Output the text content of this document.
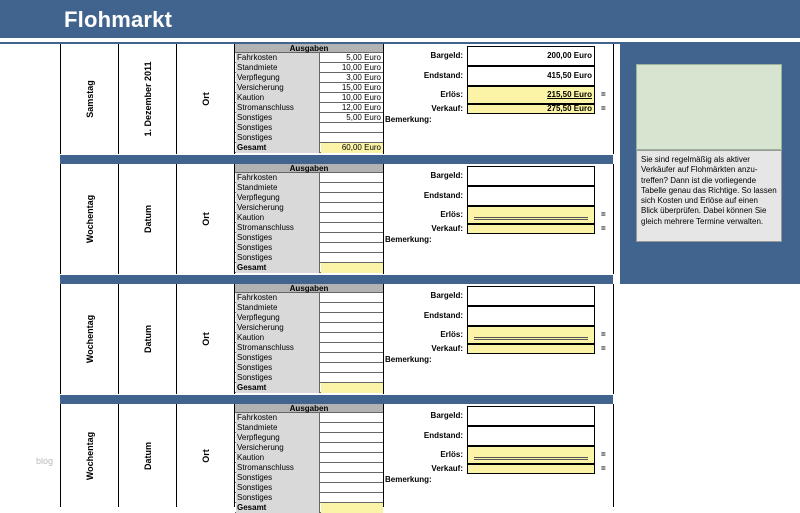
Flohmarkt
Sie sind regelmäßig als aktiver Verkäufer auf Flohmärkten anzu- treffen? Dann ist die vorliegende Tabelle genau das Richtige. So lassen sich Kosten und Erlöse auf einen Blick überprüfen. Dabei können Sie gleich mehrere Termine verwalten.
Samstag	1. Dezember 2011	Ort
Ausgaben
Fahrkosten	5,00 Euro
Standmiete	10,00 Euro
Verpflegung	3,00 Euro
Versicherung	15,00 Euro
Kaution	10,00 Euro
Stromanschluss	12,00 Euro
Sonstiges	5,00 Euro
Sonstiges
Sonstiges
Gesamt	60,00 Euro
Bargeld:	200,00 Euro
Endstand:	415,50 Euro
Erlös:	215,50 Euro	=
Verkauf:	275,50 Euro	=
Bemerkung:
Wochentag	Datum	Ort
Ausgaben
Fahrkosten
Standmiete
Verpflegung
Versicherung
Kaution
Stromanschluss
Sonstiges
Sonstiges
Sonstiges
Gesamt
Bargeld:
Endstand:
Erlös:	=
Verkauf:	=
Bemerkung:
Wochentag	Datum	Ort
Ausgaben
Fahrkosten
Standmiete
Verpflegung
Versicherung
Kaution
Stromanschluss
Sonstiges
Sonstiges
Sonstiges
Gesamt
Bargeld:
Endstand:
Erlös:	=
Verkauf:	=
Bemerkung:
Wochentag	Datum	Ort
Ausgaben
Fahrkosten
Standmiete
Verpflegung
Versicherung
Kaution
Stromanschluss
Sonstiges
Sonstiges
Sonstiges
Gesamt
Bargeld:
Endstand:
Erlös:	=
Verkauf:	=
Bemerkung:
blog
